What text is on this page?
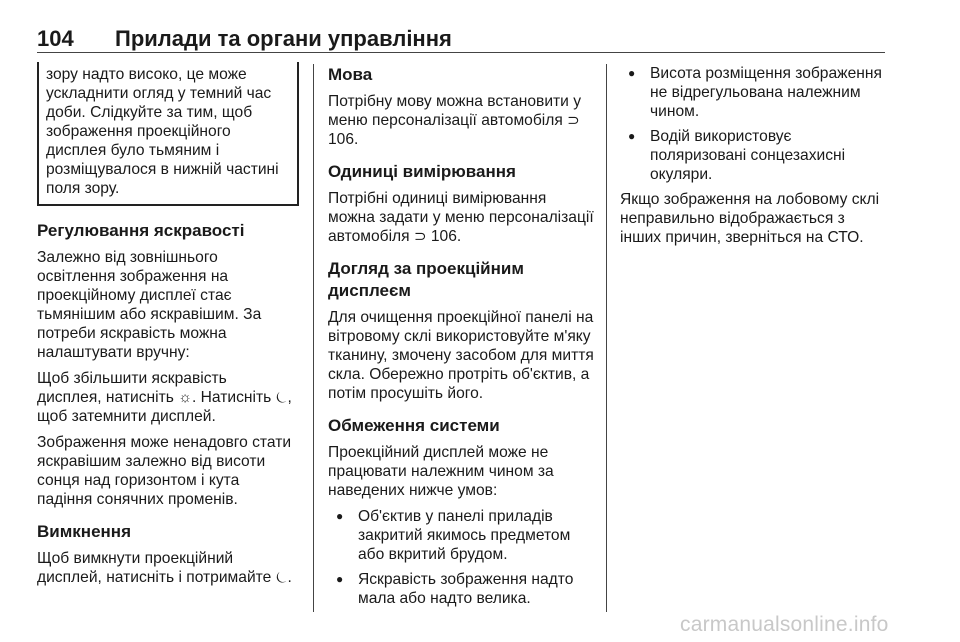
104	Прилади та органи управління

зору надто високо, це може ускладнити огляд у темний час доби. Слідкуйте за тим, щоб зображення проекційного дисплея було тьмяним і розміщувалося в нижній частині поля зору.

Регулювання яскравості

Залежно від зовнішнього освітлення зображення на проекційному дисплеї стає тьмянішим або яскравішим. За потреби яскравість можна налаштувати вручну:

Щоб збільшити яскравість дисплея, натисніть ☼. Натисніть ⏾, щоб затемнити дисплей.

Зображення може ненадовго стати яскравішим залежно від висоти сонця над горизонтом і кута падіння сонячних променів.

Вимкнення

Щоб вимкнути проекційний дисплей, натисніть і потримайте ⏾.

Мова

Потрібну мову можна встановити у меню персоналізації автомобіля ⊃ 106.

Одиниці вимірювання

Потрібні одиниці вимірювання можна задати у меню персоналізації автомобіля ⊃ 106.

Догляд за проекційним дисплеєм

Для очищення проекційної панелі на вітровому склі використовуйте м'яку тканину, змочену засобом для миття скла. Обережно протріть об'єктив, а потім просушіть його.

Обмеження системи

Проекційний дисплей може не працювати належним чином за наведених нижче умов:

● Об'єктив у панелі приладів закритий якимось предметом або вкритий брудом.
● Яскравість зображення надто мала або надто велика.
● Висота розміщення зображення не відрегульована належним чином.
● Водій використовує поляризовані сонцезахисні окуляри.

Якщо зображення на лобовому склі неправильно відображається з інших причин, зверніться на СТО.

carmanualsonline.info
